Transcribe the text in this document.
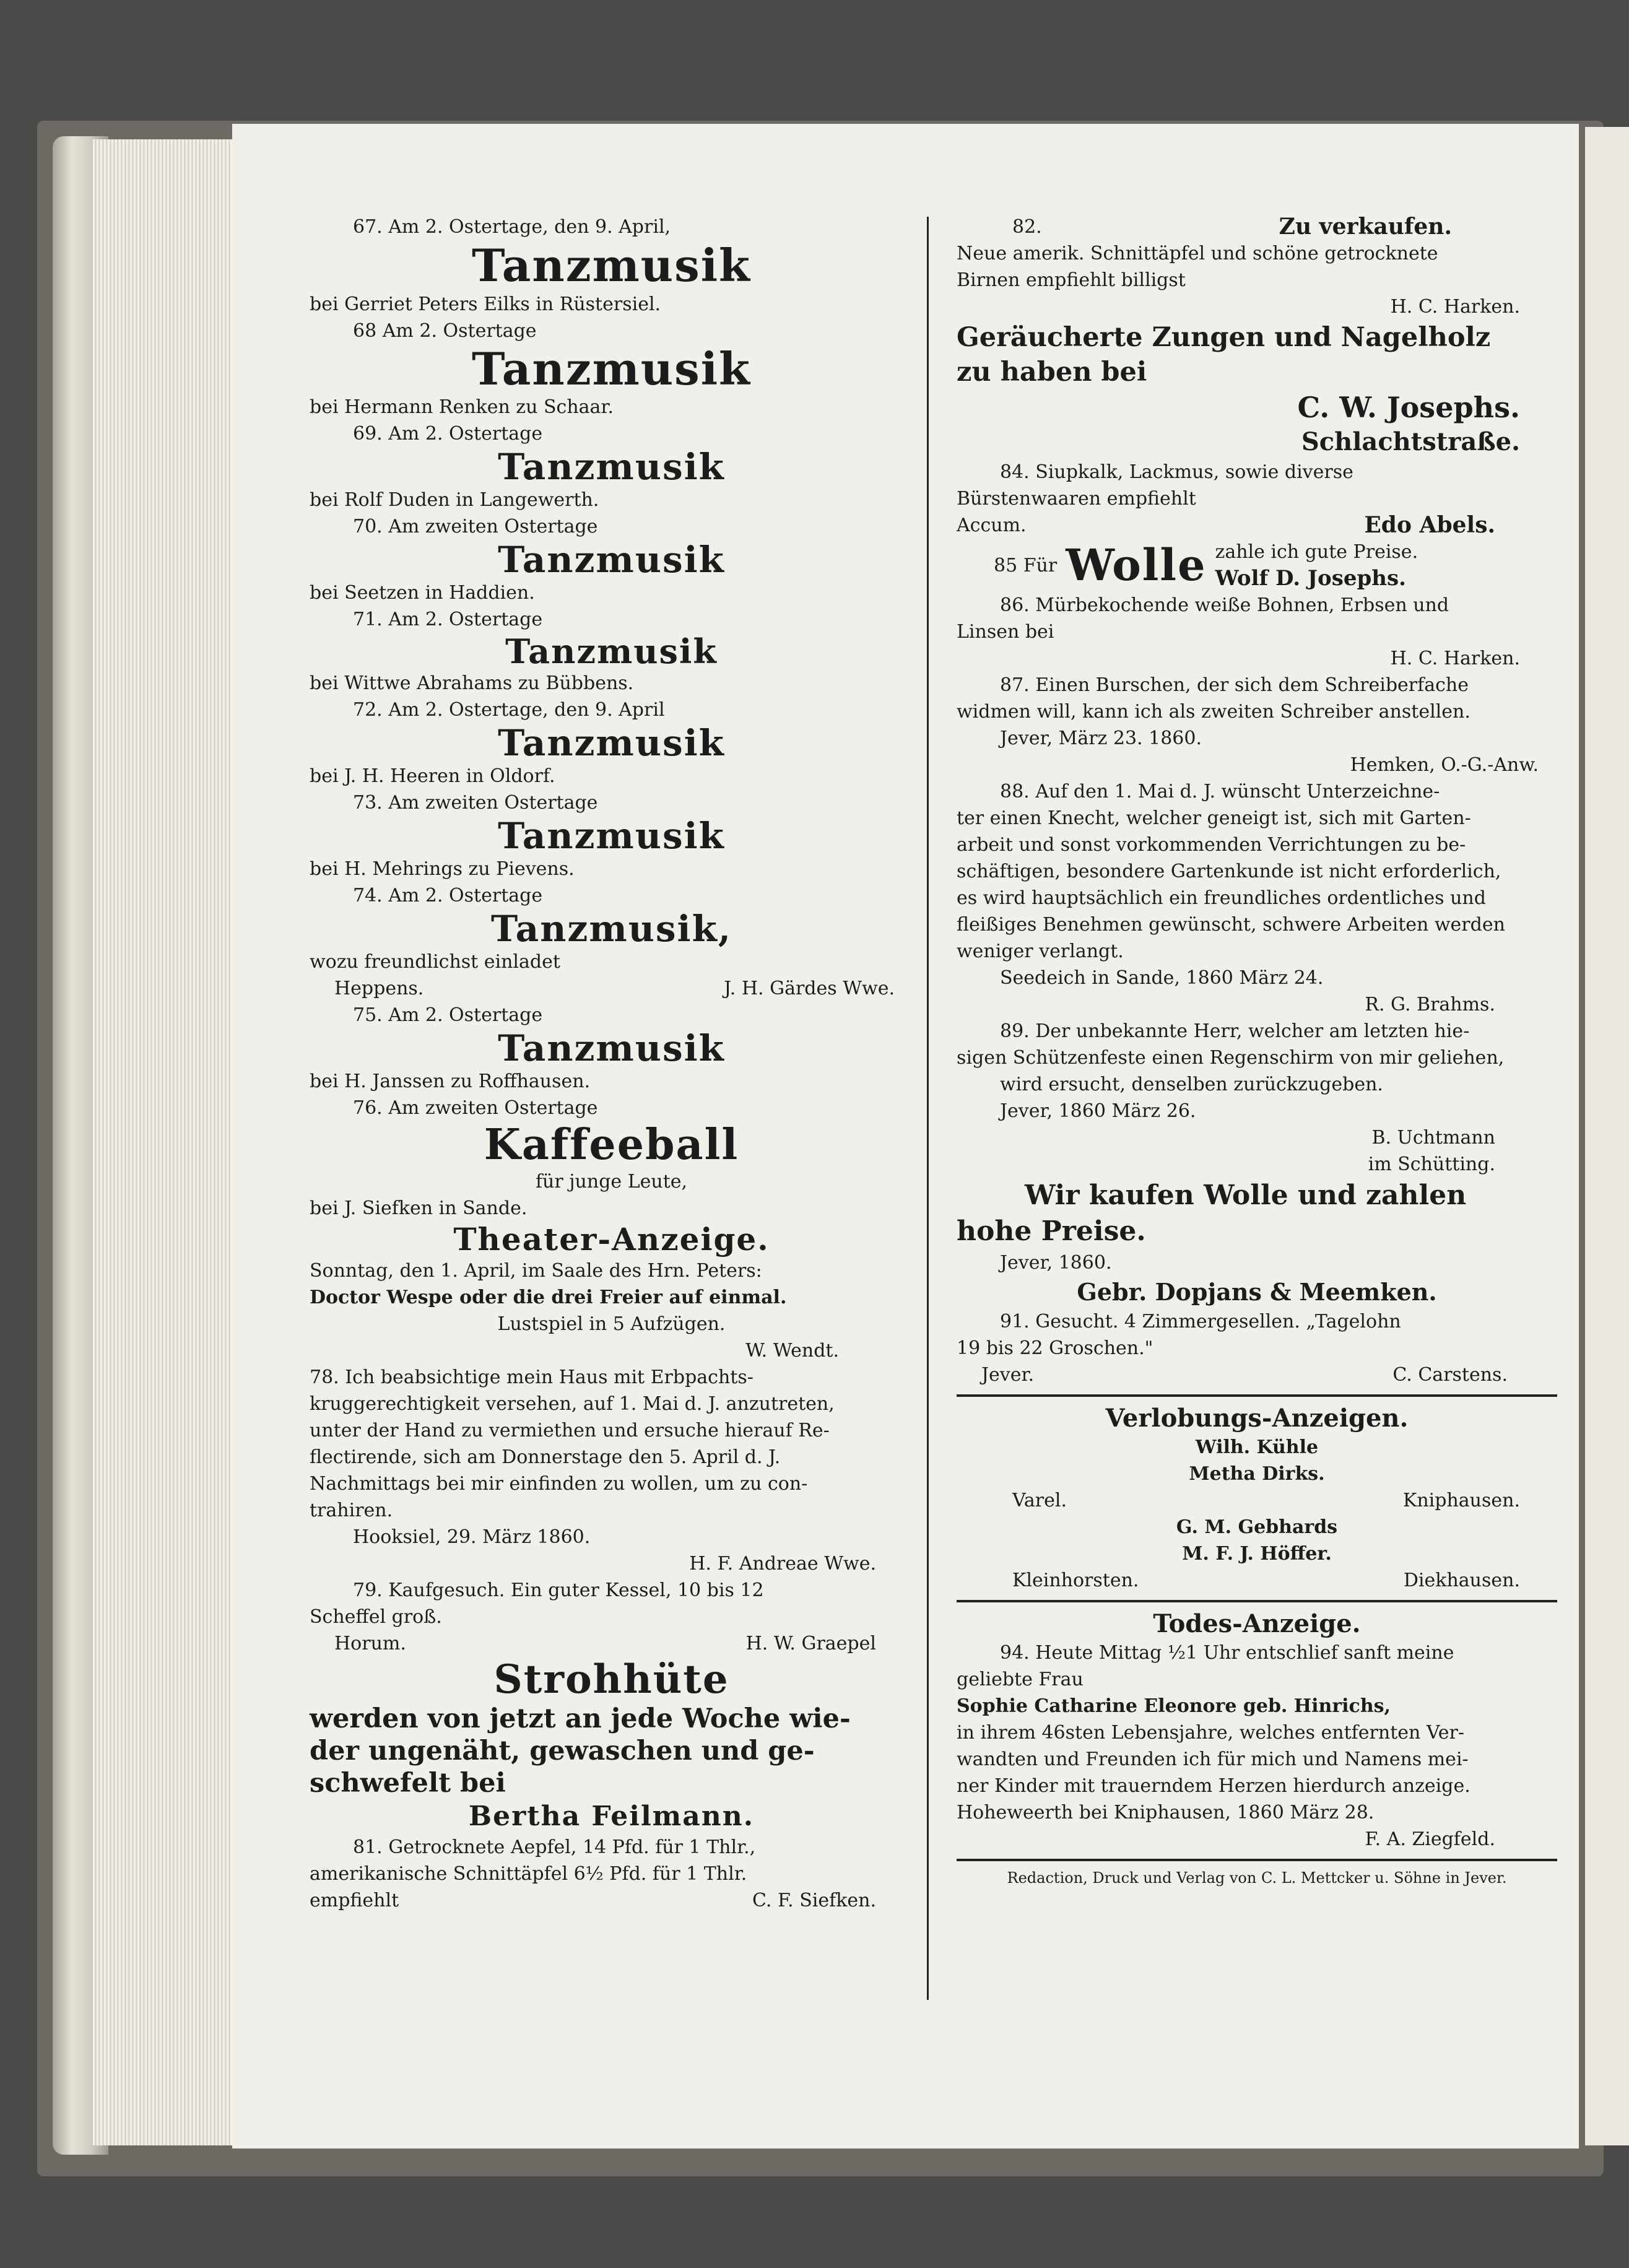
67. Am 2. Ostertage, den 9. April,

Tanzmusik

bei Gerriet Peters Eilks in Rüstersiel.

68 Am 2. Ostertage

Tanzmusik

bei Hermann Renken zu Schaar.

69. Am 2. Ostertage

Tanzmusik

bei Rolf Duden in Langewerth.

70. Am zweiten Ostertage

Tanzmusik

bei Seetzen in Haddien.

71. Am 2. Ostertage

Tanzmusik

bei Wittwe Abrahams zu Bübbens.

72. Am 2. Ostertage, den 9. April

Tanzmusik

bei J. H. Heeren in Oldorf.

73. Am zweiten Ostertage

Tanzmusik

bei H. Mehrings zu Pievens.

74. Am 2. Ostertage

Tanzmusik,

wozu freundlichst einladet

Heppens.	J. H. Gärdes Wwe.

75. Am 2. Ostertage

Tanzmusik

bei H. Janssen zu Roffhausen.

76. Am zweiten Ostertage

Kaffeeball

für junge Leute,

bei J. Siefken in Sande.

Theater-Anzeige.

Sonntag, den 1. April, im Saale des Hrn. Peters:

Doctor Wespe oder die drei Freier auf einmal.

Lustspiel in 5 Aufzügen.

W. Wendt.

78. Ich beabsichtige mein Haus mit Erbpachts-

kruggerechtigkeit versehen, auf 1. Mai d. J. anzutreten,

unter der Hand zu vermiethen und ersuche hierauf Re-

flectirende, sich am Donnerstage den 5. April d. J.

Nachmittags bei mir einfinden zu wollen, um zu con-

trahiren.

Hooksiel, 29. März 1860.

H. F. Andreae Wwe.

79. Kaufgesuch. Ein guter Kessel, 10 bis 12

Scheffel groß.

Horum.	H. W. Graepel

Strohhüte

werden von jetzt an jede Woche wie-

der ungenäht, gewaschen und ge-

schwefelt bei

Bertha Feilmann.

81. Getrocknete Aepfel, 14 Pfd. für 1 Thlr.,

amerikanische Schnittäpfel 6½ Pfd. für 1 Thlr.

empfiehlt	C. F. Siefken.

82.	Zu verkaufen.

Neue amerik. Schnittäpfel und schöne getrocknete

Birnen empfiehlt billigst

H. C. Harken.

Geräucherte Zungen und Nagelholz

zu haben bei

C. W. Josephs.

Schlachtstraße.

84. Siupkalk, Lackmus, sowie diverse

Bürstenwaaren empfiehlt

Accum.	Edo Abels.

85 Für Wolle zahle ich gute Preise.

Wolf D. Josephs.

86. Mürbekochende weiße Bohnen, Erbsen und

Linsen bei

H. C. Harken.

87. Einen Burschen, der sich dem Schreiberfache

widmen will, kann ich als zweiten Schreiber anstellen.

Jever, März 23. 1860.

Hemken, O.-G.-Anw.

88. Auf den 1. Mai d. J. wünscht Unterzeichne-

ter einen Knecht, welcher geneigt ist, sich mit Garten-

arbeit und sonst vorkommenden Verrichtungen zu be-

schäftigen, besondere Gartenkunde ist nicht erforderlich,

es wird hauptsächlich ein freundliches ordentliches und

fleißiges Benehmen gewünscht, schwere Arbeiten werden

weniger verlangt.

Seedeich in Sande, 1860 März 24.

R. G. Brahms.

89. Der unbekannte Herr, welcher am letzten hie-

sigen Schützenfeste einen Regenschirm von mir geliehen,

wird ersucht, denselben zurückzugeben.

Jever, 1860 März 26.

B. Uchtmann

im Schütting.

Wir kaufen Wolle und zahlen

hohe Preise.

Jever, 1860.

Gebr. Dopjans & Meemken.

91. Gesucht. 4 Zimmergesellen. „Tagelohn

19 bis 22 Groschen."

Jever.	C. Carstens.

Verlobungs-Anzeigen.

Wilh. Kühle

Metha Dirks.

Varel.	Kniphausen.

G. M. Gebhards

M. F. J. Höffer.

Kleinhorsten.	Diekhausen.

Todes-Anzeige.

94. Heute Mittag ½1 Uhr entschlief sanft meine

geliebte Frau

Sophie Catharine Eleonore geb. Hinrichs,

in ihrem 46sten Lebensjahre, welches entfernten Ver-

wandten und Freunden ich für mich und Namens mei-

ner Kinder mit trauerndem Herzen hierdurch anzeige.

Hoheweerth bei Kniphausen, 1860 März 28.

F. A. Ziegfeld.

Redaction, Druck und Verlag von C. L. Mettcker u. Söhne in Jever.
